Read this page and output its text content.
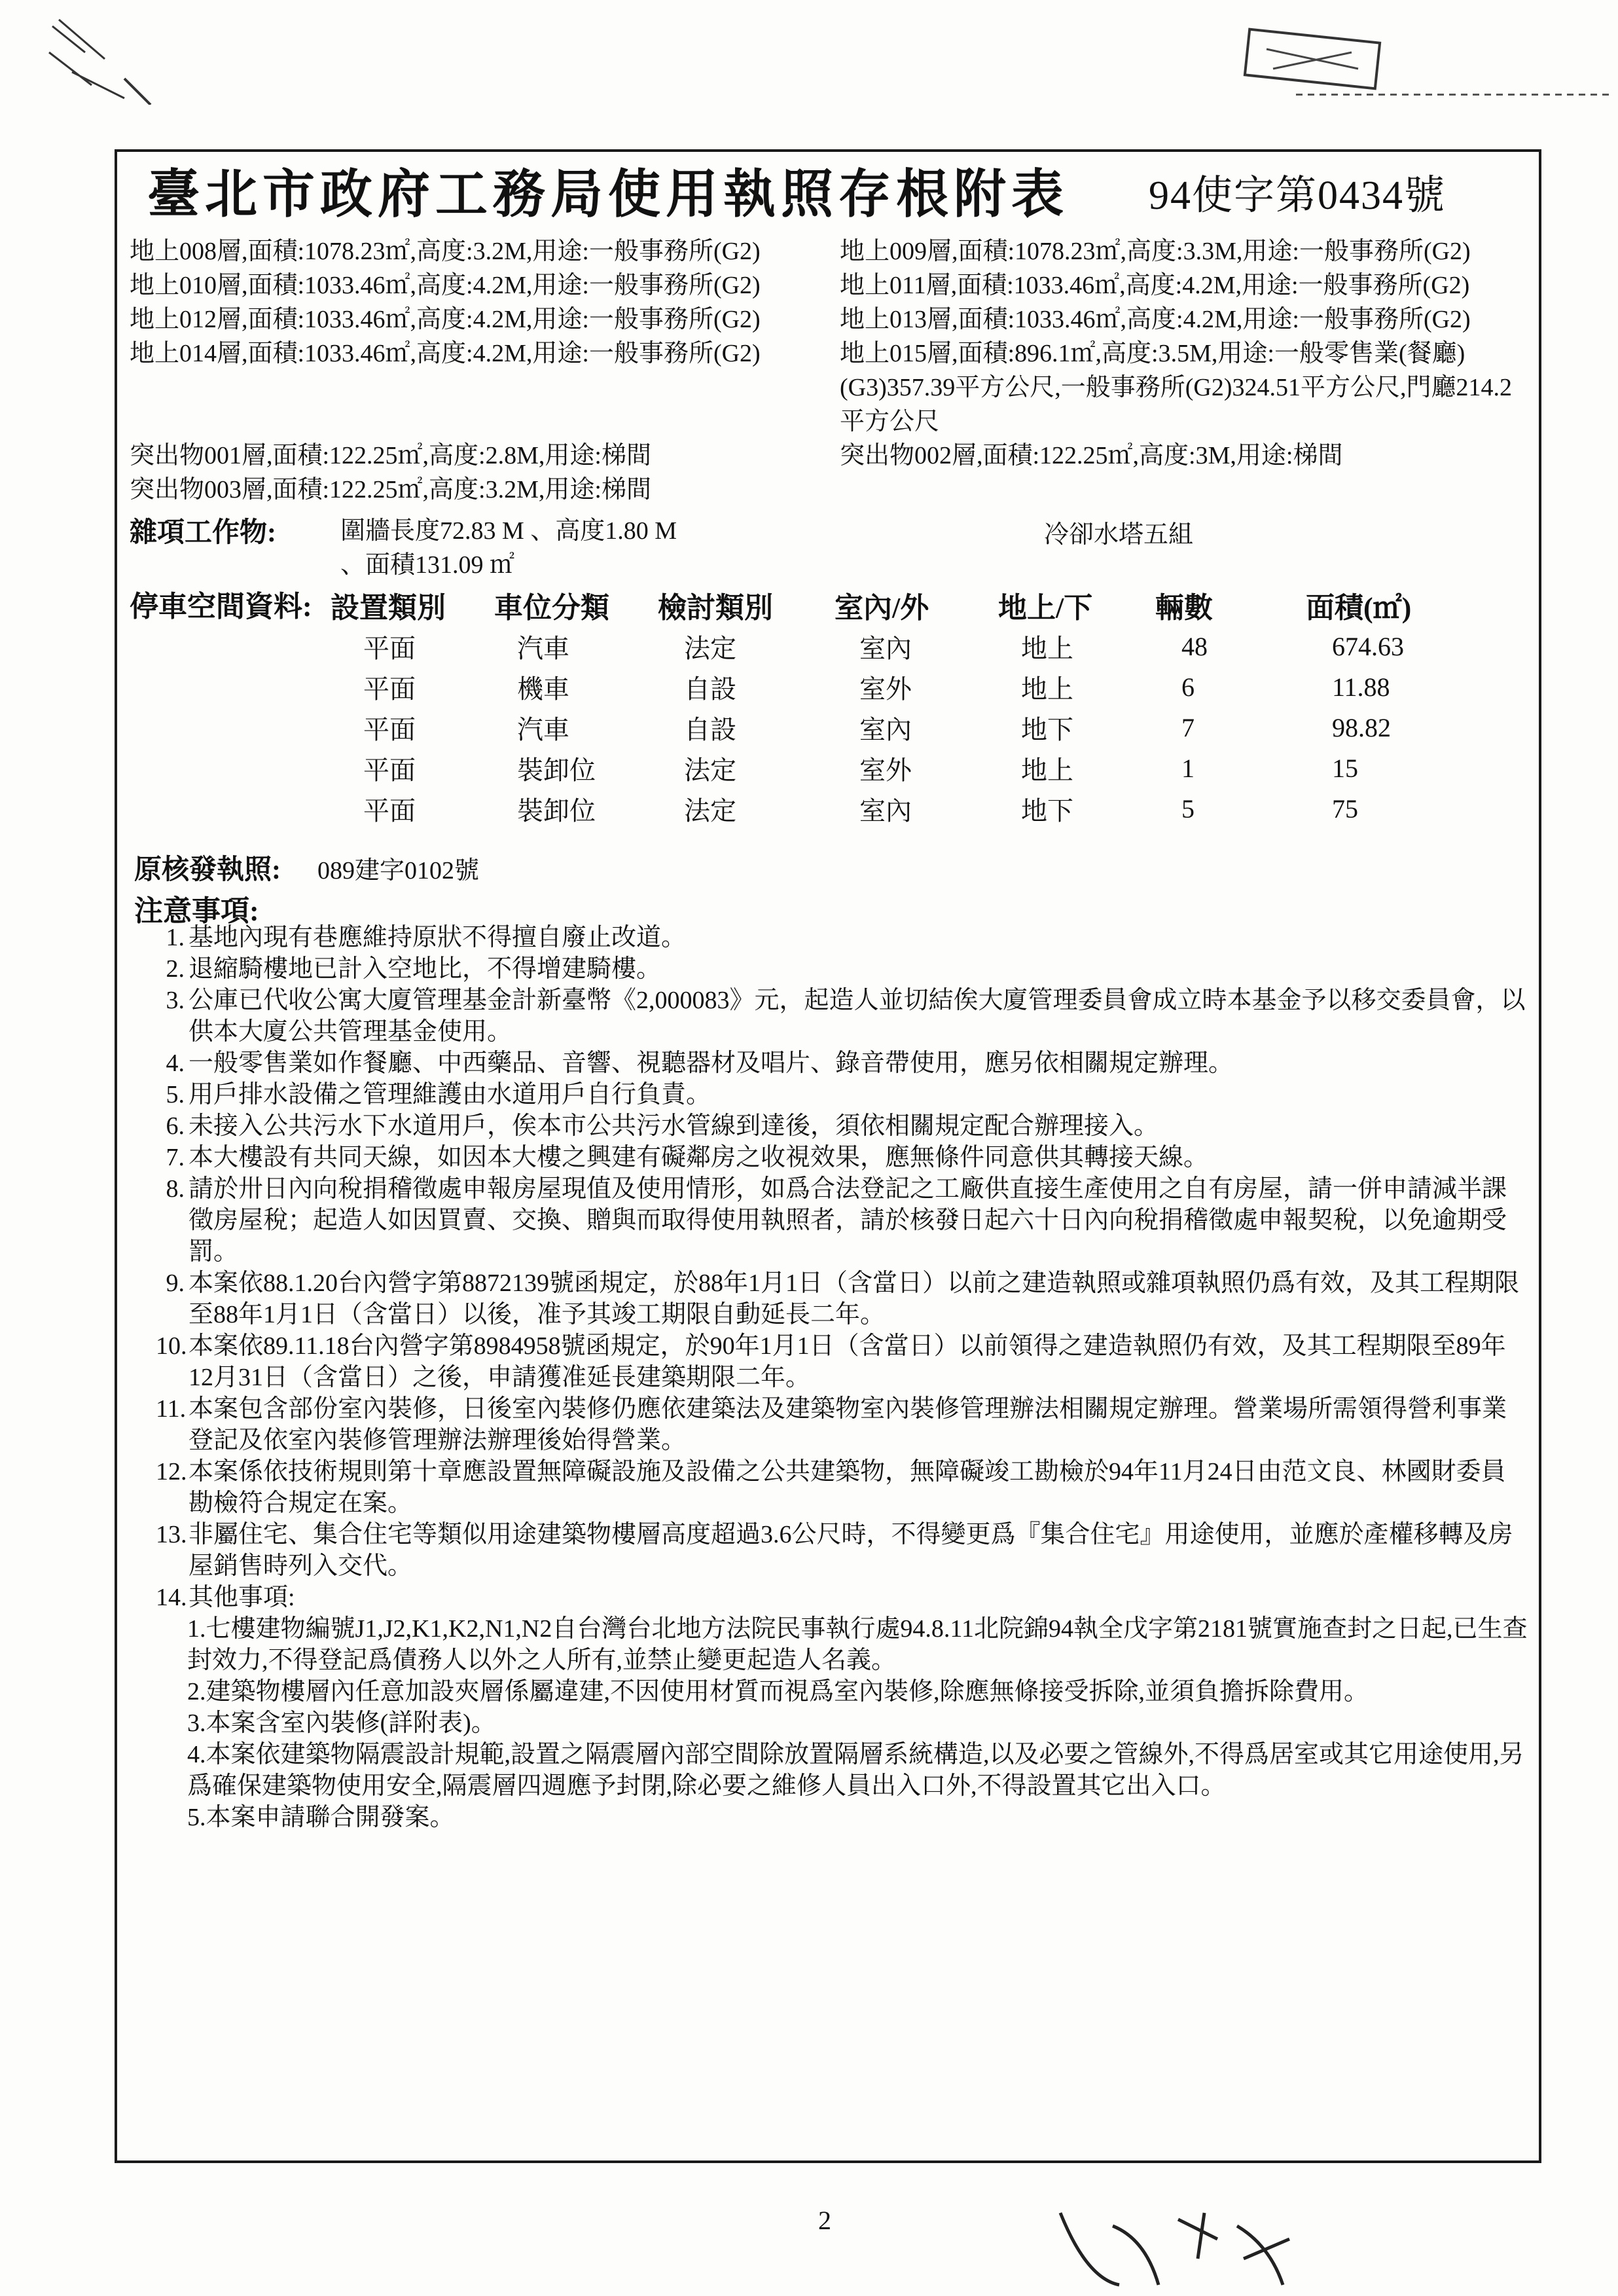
臺北市政府工務局使用執照存根附表 94使字第0434號
地上008層,面積:1078.23㎡,高度:3.2M,用途:一般事務所(G2)	地上009層,面積:1078.23㎡,高度:3.3M,用途:一般事務所(G2)
地上010層,面積:1033.46㎡,高度:4.2M,用途:一般事務所(G2)	地上011層,面積:1033.46㎡,高度:4.2M,用途:一般事務所(G2)
地上012層,面積:1033.46㎡,高度:4.2M,用途:一般事務所(G2)	地上013層,面積:1033.46㎡,高度:4.2M,用途:一般事務所(G2)
地上014層,面積:1033.46㎡,高度:4.2M,用途:一般事務所(G2)	地上015層,面積:896.1㎡,高度:3.5M,用途:一般零售業(餐廳)(G3)357.39平方公尺,一般事務所(G2)324.51平方公尺,門廳214.2平方公尺
突出物001層,面積:122.25㎡,高度:2.8M,用途:梯間	突出物002層,面積:122.25㎡,高度:3M,用途:梯間
突出物003層,面積:122.25㎡,高度:3.2M,用途:梯間
雜項工作物:	圍牆長度72.83 M 、高度1.80 M
、面積131.09 ㎡
冷卻水塔五組
停車空間資料: 設置類別	車位分類	檢討類別	室內/外	地上/下	輛數	面積(㎡)
平面	汽車	法定	室內	地上	48	674.63
平面	機車	自設	室外	地上	6	11.88
平面	汽車	自設	室內	地下	7	98.82
平面	裝卸位	法定	室外	地上	1	15
平面	裝卸位	法定	室內	地下	5	75
原核發執照: 089建字0102號
注意事項:
1. 基地內現有巷應維持原狀不得擅自廢止改道。
2. 退縮騎樓地已計入空地比，不得增建騎樓。
3. 公庫已代收公寓大廈管理基金計新臺幣《2,000083》元，起造人並切結俟大廈管理委員會成立時本基金予以移交委員會，以供本大廈公共管理基金使用。
4. 一般零售業如作餐廳、中西藥品、音響、視聽器材及唱片、錄音帶使用，應另依相關規定辦理。
5. 用戶排水設備之管理維護由水道用戶自行負責。
6. 未接入公共污水下水道用戶，俟本市公共污水管線到達後，須依相關規定配合辦理接入。
7. 本大樓設有共同天線，如因本大樓之興建有礙鄰房之收視效果，應無條件同意供其轉接天線。
8. 請於卅日內向稅捐稽徵處申報房屋現值及使用情形，如爲合法登記之工廠供直接生產使用之自有房屋，請一併申請減半課徵房屋稅；起造人如因買賣、交換、贈與而取得使用執照者，請於核發日起六十日內向稅捐稽徵處申報契稅，以免逾期受罰。
9. 本案依88.1.20台內營字第8872139號函規定，於88年1月1日（含當日）以前之建造執照或雜項執照仍爲有效，及其工程期限至88年1月1日（含當日）以後，准予其竣工期限自動延長二年。
10. 本案依89.11.18台內營字第8984958號函規定，於90年1月1日（含當日）以前領得之建造執照仍有效，及其工程期限至89年12月31日（含當日）之後，申請獲准延長建築期限二年。
11. 本案包含部份室內裝修，日後室內裝修仍應依建築法及建築物室內裝修管理辦法相關規定辦理。營業場所需領得營利事業登記及依室內裝修管理辦法辦理後始得營業。
12. 本案係依技術規則第十章應設置無障礙設施及設備之公共建築物，無障礙竣工勘檢於94年11月24日由范文良、林國財委員勘檢符合規定在案。
13. 非屬住宅、集合住宅等類似用途建築物樓層高度超過3.6公尺時，不得變更爲『集合住宅』用途使用，並應於產權移轉及房屋銷售時列入交代。
14. 其他事項:
1.七樓建物編號J1,J2,K1,K2,N1,N2自台灣台北地方法院民事執行處94.8.11北院錦94執全戊字第2181號實施查封之日起,已生查封效力,不得登記爲債務人以外之人所有,並禁止變更起造人名義。
2.建築物樓層內任意加設夾層係屬違建,不因使用材質而視爲室內裝修,除應無條接受拆除,並須負擔拆除費用。
3.本案含室內裝修(詳附表)。
4.本案依建築物隔震設計規範,設置之隔震層內部空間除放置隔層系統構造,以及必要之管線外,不得爲居室或其它用途使用,另爲確保建築物使用安全,隔震層四週應予封閉,除必要之維修人員出入口外,不得設置其它出入口。
5.本案申請聯合開發案。
2
